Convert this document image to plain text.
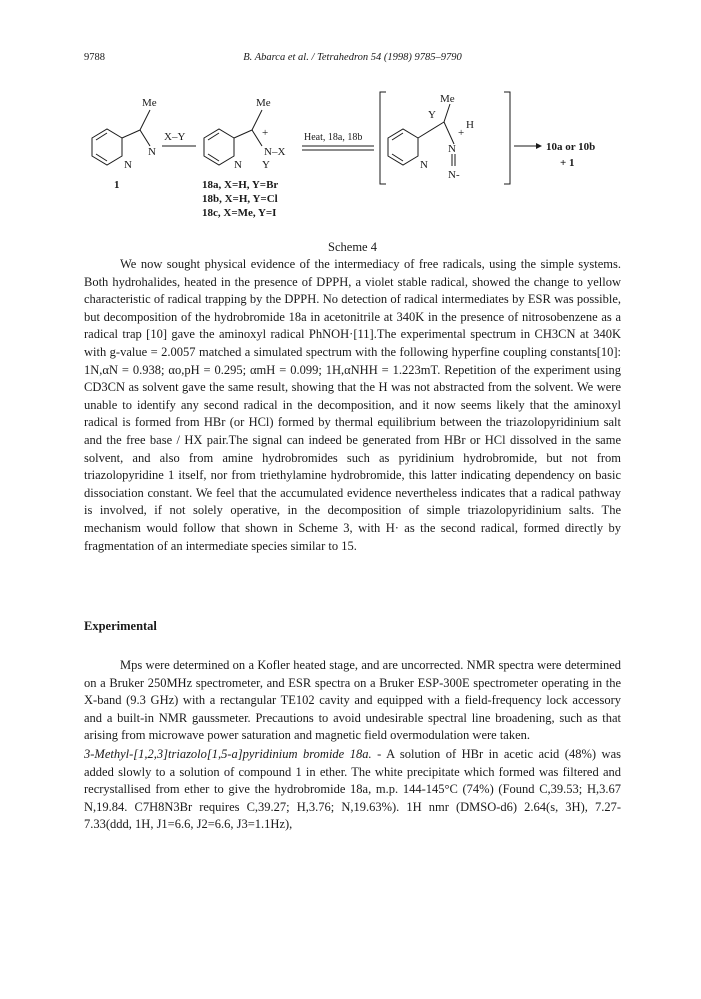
9788	B. Abarca et al. / Tetrahedron 54 (1998) 9785–9790
Me
N
N
1
X–Y
Me
+
N–X
N Y
18a, X=H, Y=Br
18b, X=H, Y=Cl
18c, X=Me, Y=I
Heat, 18a, 18b
Me
Y
H
+
N
N
N-
10a or 10b
+ 1
Scheme 4

We now sought physical evidence of the intermediacy of free radicals, using the simple systems. Both hydrohalides, heated in the presence of DPPH, a violet stable radical, showed the change to yellow characteristic of radical trapping by the DPPH. No detection of radical intermediates by ESR was possible, but decomposition of the hydrobromide 18a in acetonitrile at 340K in the presence of nitrosobenzene as a radical trap [10] gave the aminoxyl radical PhNOH·[11].The experimental spectrum in CH3CN at 340K with g-value = 2.0057 matched a simulated spectrum with the following hyperfine coupling constants[10]: 1N,αN = 0.938; αo,pH = 0.295; αmH = 0.099; 1H,αNHH = 1.223mT. Repetition of the experiment using CD3CN as solvent gave the same result, showing that the H was not abstracted from the solvent. We were unable to identify any second radical in the decomposition, and it now seems likely that the aminoxyl radical is formed from HBr (or HCl) formed by thermal equilibrium between the triazolopyridinium salt and the free base / HX pair.The signal can indeed be generated from HBr or HCl dissolved in the same solvent, and also from amine hydrobromides such as pyridinium hydrobromide, but not from triazolopyridine 1 itself, nor from triethylamine hydrobromide, this latter indicating dependency on basic dissociation constant. We feel that the accumulated evidence nevertheless indicates that a radical pathway is involved, if not solely operative, in the decomposition of simple triazolopyridinium salts. The mechanism would follow that shown in Scheme 3, with H· as the second radical, formed directly by fragmentation of an intermediate species similar to 15.

Experimental

Mps were determined on a Kofler heated stage, and are uncorrected. NMR spectra were determined on a Bruker 250MHz spectrometer, and ESR spectra on a Bruker ESP-300E spectrometer operating in the X-band (9.3 GHz) with a rectangular TE102 cavity and equipped with a field-frequency lock accessory and a built-in NMR gaussmeter. Precautions to avoid undesirable spectral line broadening, such as that arising from microwave power saturation and magnetic field overmodulation were taken.

3-Methyl-[1,2,3]triazolo[1,5-a]pyridinium bromide 18a. - A solution of HBr in acetic acid (48%) was added slowly to a solution of compound 1 in ether. The white precipitate which formed was filtered and recrystallised from ether to give the hydrobromide 18a, m.p. 144-145°C (74%) (Found C,39.53; H,3.67 N,19.84. C7H8N3Br requires C,39.27; H,3.76; N,19.63%). 1H nmr (DMSO-d6) 2.64(s, 3H), 7.27-7.33(ddd, 1H, J1=6.6, J2=6.6, J3=1.1Hz),
